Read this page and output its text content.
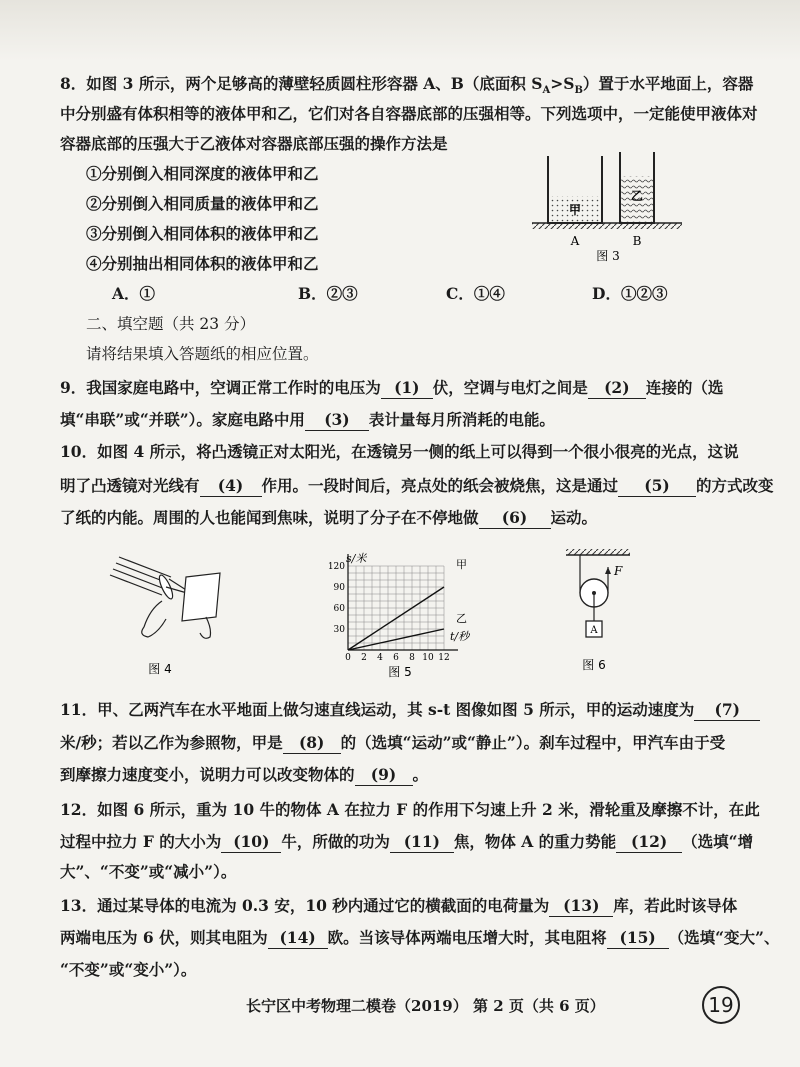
8．如图 3 所示，两个足够高的薄壁轻质圆柱形容器 A、B（底面积 $S_A>S_B$）置于水平地面上，容器
中分别盛有体积相等的液体甲和乙，它们对各自容器底部的压强相等。下列选项中，一定能使甲液体对
容器底部的压强大于乙液体对容器底部压强的操作方法是
①分别倒入相同深度的液体甲和乙
②分别倒入相同质量的液体甲和乙
③分别倒入相同体积的液体甲和乙
④分别抽出相同体积的液体甲和乙
甲
乙
A	B
图 3
A．①	B．②③	C．①④	D．①②③
二、填空题（共 23 分）
请将结果填入答题纸的相应位置。
9．我国家庭电路中，空调正常工作时的电压为 (1) 伏，空调与电灯之间是 (2) 连接的（选
填“串联”或“并联”）。家庭电路中用 (3) 表计量每月所消耗的电能。
10．如图 4 所示，将凸透镜正对太阳光，在透镜另一侧的纸上可以得到一个很小很亮的光点，这说
明了凸透镜对光线有 (4) 作用。一段时间后，亮点处的纸会被烧焦，这是通过 (5) 的方式改变
了纸的内能。周围的人也能闻到焦味，说明了分子在不停地做 (6) 运动。
图 4
0 2 4 6 8 10 12
30
60
90
120
s/米
t/秒
甲
乙
图 5
F
A
图 6
11．甲、乙两汽车在水平地面上做匀速直线运动，其 s-t 图像如图 5 所示，甲的运动速度为 (7)
米/秒；若以乙作为参照物，甲是 (8) 的（选填“运动”或“静止”）。刹车过程中，甲汽车由于受
到摩擦力速度变小，说明力可以改变物体的 (9) 。
12．如图 6 所示，重为 10 牛的物体 A 在拉力 F 的作用下匀速上升 2 米，滑轮重及摩擦不计，在此
过程中拉力 F 的大小为 (10) 牛，所做的功为 (11) 焦，物体 A 的重力势能 (12) （选填“增
大”、“不变”或“减小”）。
13．通过某导体的电流为 0.3 安，10 秒内通过它的横截面的电荷量为 (13) 库，若此时该导体
两端电压为 6 伏，则其电阻为 (14) 欧。当该导体两端电压增大时，其电阻将 (15) （选填“变大”、
“不变”或“变小”）。
长宁区中考物理二模卷（2019） 第 2 页（共 6 页）	19
